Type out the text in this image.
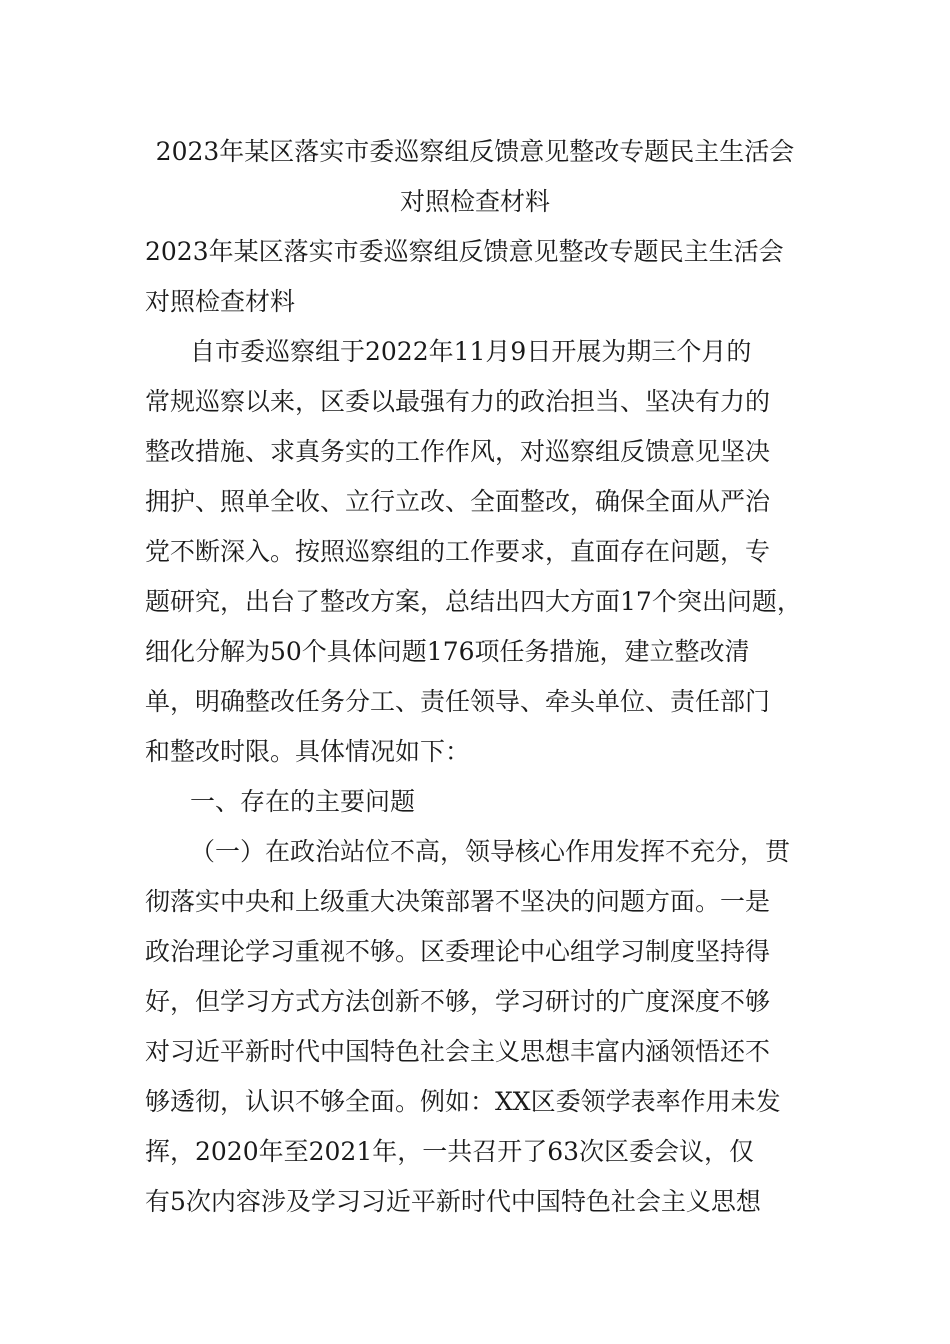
2023年某区落实市委巡察组反馈意见整改专题民主生活会
对照检查材料
2023年某区落实市委巡察组反馈意见整改专题民主生活会
对照检查材料
自市委巡察组于2022年11月9日开展为期三个月的
常规巡察以来，区委以最强有力的政治担当、坚决有力的
整改措施、求真务实的工作作风，对巡察组反馈意见坚决
拥护、照单全收、立行立改、全面整改，确保全面从严治
党不断深入。按照巡察组的工作要求，直面存在问题，专
题研究，出台了整改方案，总结出四大方面17个突出问题，
细化分解为50个具体问题176项任务措施，建立整改清
单，明确整改任务分工、责任领导、牵头单位、责任部门
和整改时限。具体情况如下：
一、存在的主要问题
（一）在政治站位不高，领导核心作用发挥不充分，贯
彻落实中央和上级重大决策部署不坚决的问题方面。一是
政治理论学习重视不够。区委理论中心组学习制度坚持得
好，但学习方式方法创新不够，学习研讨的广度深度不够
对习近平新时代中国特色社会主义思想丰富内涵领悟还不
够透彻，认识不够全面。例如：XX区委领学表率作用未发
挥，2020年至2021年，一共召开了63次区委会议，仅
有5次内容涉及学习习近平新时代中国特色社会主义思想
